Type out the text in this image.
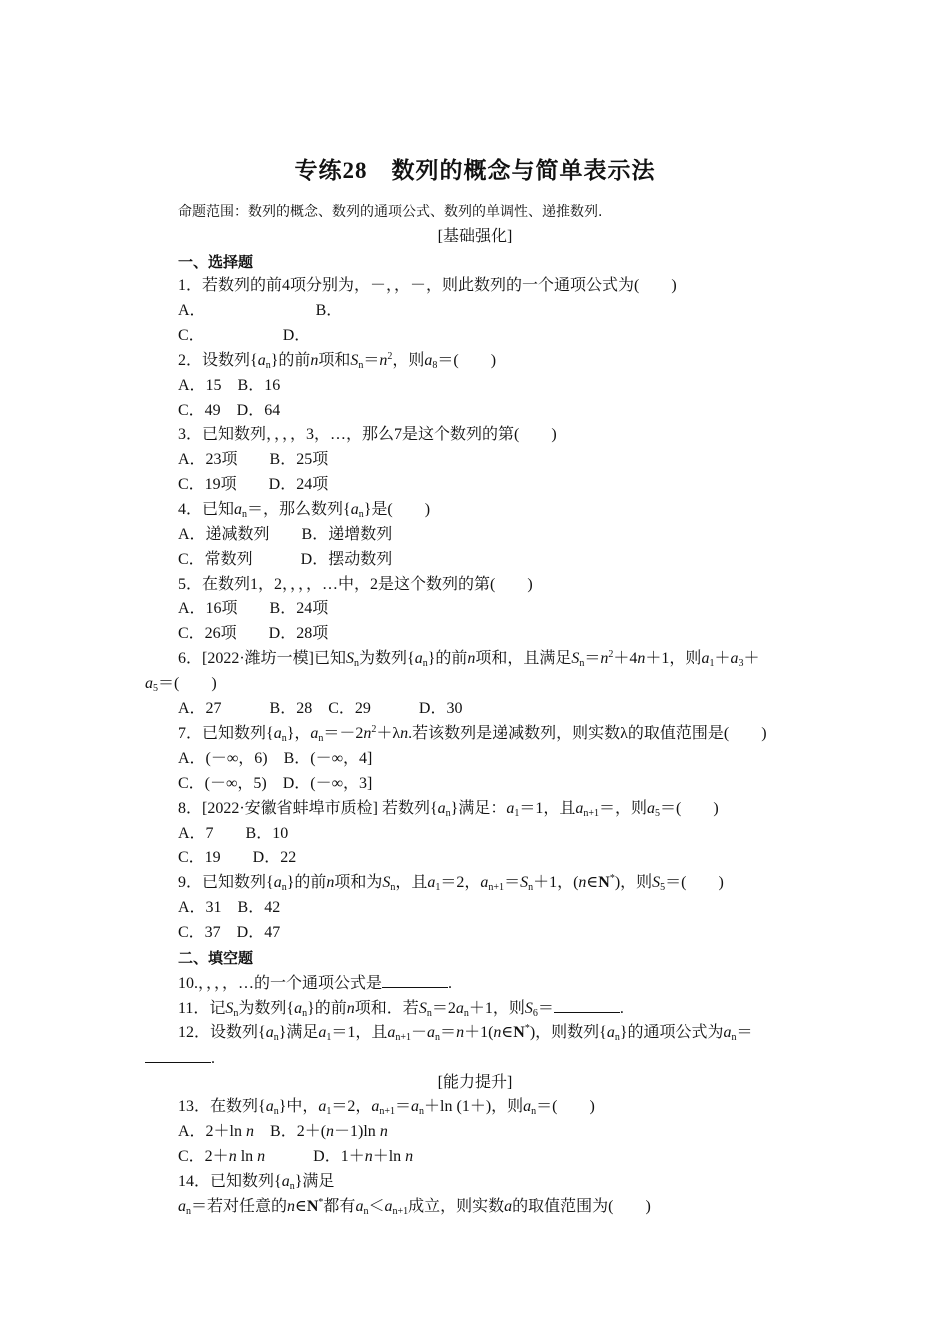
专练28　数列的概念与简单表示法
命题范围：数列的概念、数列的通项公式、数列的单调性、递推数列.
[基础强化]
一、选择题
1．若数列的前4项分别为，－，，－，则此数列的一个通项公式为(　　)
A．	B．
C．	D．
2．设数列$\{a_n\}$的前n项和$S_n=n^2$，则$a_8=$(　　)
A．15　B．16
C．49　D．64
3．已知数列，，，，3，…，那么7是这个数列的第(　　)
A．23项　　B．25项
C．19项　　D．24项
4．已知$a_n=$，那么数列$\{a_n\}$是(　　)
A．递减数列　　B．递增数列
C．常数列　　　D．摆动数列
5．在数列1，2，，，，…中，2是这个数列的第(　　)
A．16项　　B．24项
C．26项　　D．28项
6．[2022·潍坊一模]已知$S_n$为数列$\{a_n\}$的前n项和，且满足$S_n=n^2+4n+1$，则$a_1+a_3+$
$a_5=$(　　)
A．27　　　B．28　C．29　　　D．30
7．已知数列$\{a_n\}$，$a_n=-2n^2+\lambda n$.若该数列是递减数列，则实数λ的取值范围是(　　)
A．(－∞，6)　B．(－∞，4]
C．(－∞，5)　D．(－∞，3]
8．[2022·安徽省蚌埠市质检] 若数列$\{a_n\}$满足：$a_1=1$，且$a_{n+1}=$，则$a_5=$(　　)
A．7　　B．10
C．19　　D．22
9．已知数列$\{a_n\}$的前n项和为$S_n$，且$a_1=2$，$a_{n+1}=S_n+1$，(n∈N*)，则$S_5=$(　　)
A．31　B．42
C．37　D．47
二、填空题
10.，，，，…的一个通项公式是	.
11．记$S_n$为数列$\{a_n\}$的前n项和．若$S_n=2a_n+1$，则$S_6=$	.
12．设数列$\{a_n\}$满足$a_1=1$，且$a_{n+1}-a_n=n+1(n\in N^*)$，则数列$\{a_n\}$的通项公式为$a_n=$
.
[能力提升]
13．在数列$\{a_n\}$中，$a_1=2$，$a_{n+1}=a_n+\ln$ (1＋)，则$a_n=$(　　)
A．2＋ln n　B．2＋(n－1)ln n
C．2＋n ln n　　　D．1＋n＋ln n
14．已知数列$\{a_n\}$满足
$a_n=$若对任意的n∈N*都有$a_n<a_{n+1}$成立，则实数a的取值范围为(　　)
